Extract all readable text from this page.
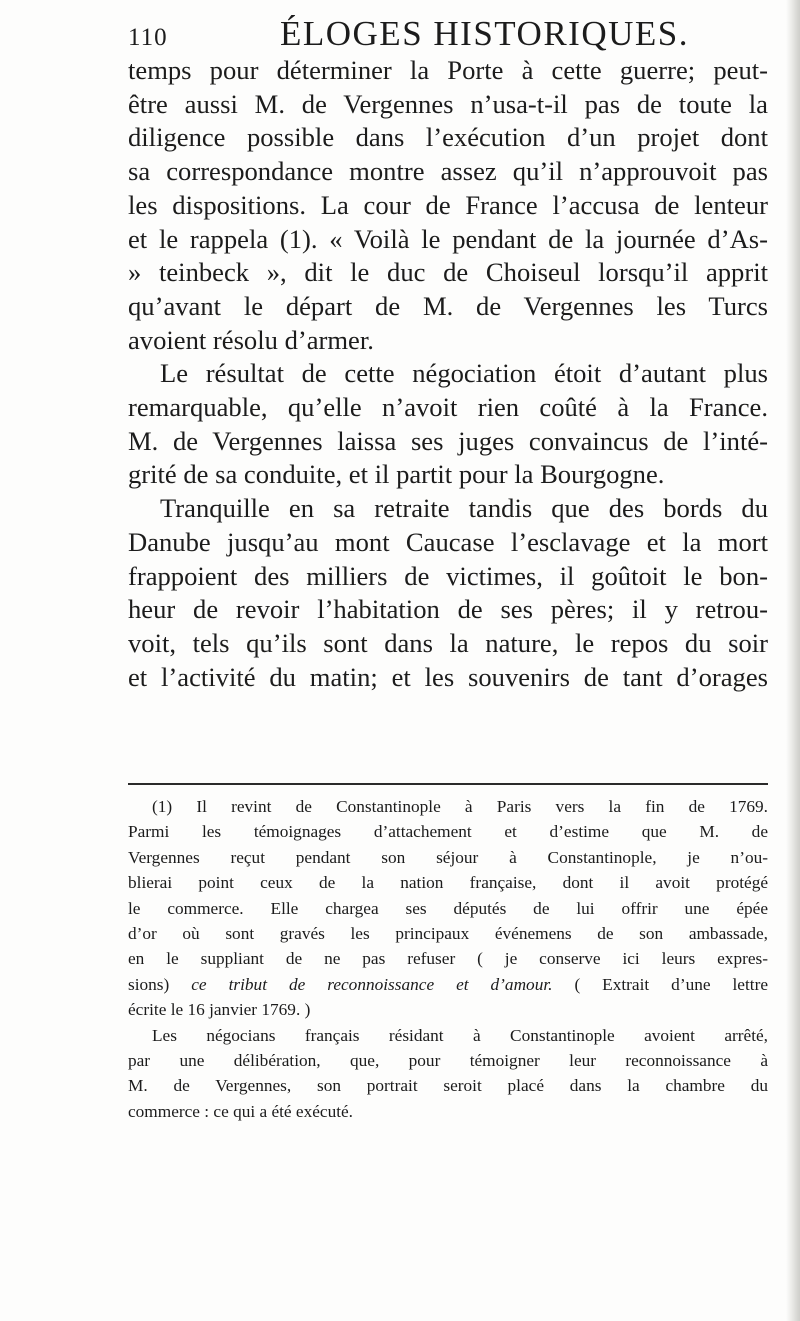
110	ÉLOGES HISTORIQUES.
temps pour déterminer la Porte à cette guerre; peut-
être aussi M. de Vergennes n’usa-t-il pas de toute la
diligence possible dans l’exécution d’un projet dont
sa correspondance montre assez qu’il n’approuvoit pas
les dispositions. La cour de France l’accusa de lenteur
et le rappela (1). « Voilà le pendant de la journée d’As-
» teinbeck », dit le duc de Choiseul lorsqu’il apprit
qu’avant le départ de M. de Vergennes les Turcs
avoient résolu d’armer.
Le résultat de cette négociation étoit d’autant plus
remarquable, qu’elle n’avoit rien coûté à la France.
M. de Vergennes laissa ses juges convaincus de l’inté-
grité de sa conduite, et il partit pour la Bourgogne.
Tranquille en sa retraite tandis que des bords du
Danube jusqu’au mont Caucase l’esclavage et la mort
frappoient des milliers de victimes, il goûtoit le bon-
heur de revoir l’habitation de ses pères; il y retrou-
voit, tels qu’ils sont dans la nature, le repos du soir
et l’activité du matin; et les souvenirs de tant d’orages
(1) Il revint de Constantinople à Paris vers la fin de 1769.
Parmi les témoignages d’attachement et d’estime que M. de
Vergennes reçut pendant son séjour à Constantinople, je n’ou-
blierai point ceux de la nation française, dont il avoit protégé
le commerce. Elle chargea ses députés de lui offrir une épée
d’or où sont gravés les principaux événemens de son ambassade,
en le suppliant de ne pas refuser ( je conserve ici leurs expres-
sions) ce tribut de reconnoissance et d’amour. ( Extrait d’une lettre
écrite le 16 janvier 1769. )
Les négocians français résidant à Constantinople avoient arrêté,
par une délibération, que, pour témoigner leur reconnoissance à
M. de Vergennes, son portrait seroit placé dans la chambre du
commerce : ce qui a été exécuté.
